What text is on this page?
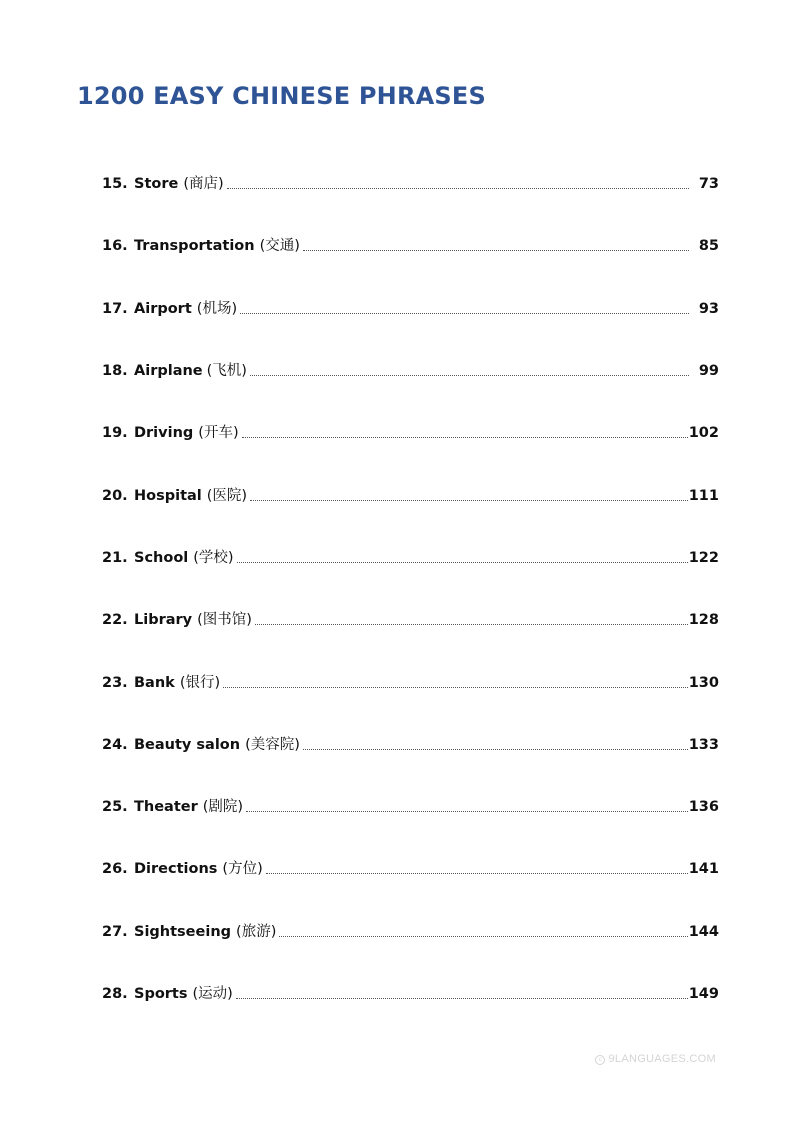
1200 EASY CHINESE PHRASES
15. Store (商店)	73
16. Transportation (交通)	85
17. Airport (机场)	93
18. Airplane (飞机)	99
19. Driving (开车)	102
20. Hospital (医院)	111
21. School (学校)	122
22. Library (图书馆)	128
23. Bank (银行)	130
24. Beauty salon (美容院)	133
25. Theater (剧院)	136
26. Directions (方位)	141
27. Sightseeing (旅游)	144
28. Sports (运动)	149
c 9LANGUAGES.COM
